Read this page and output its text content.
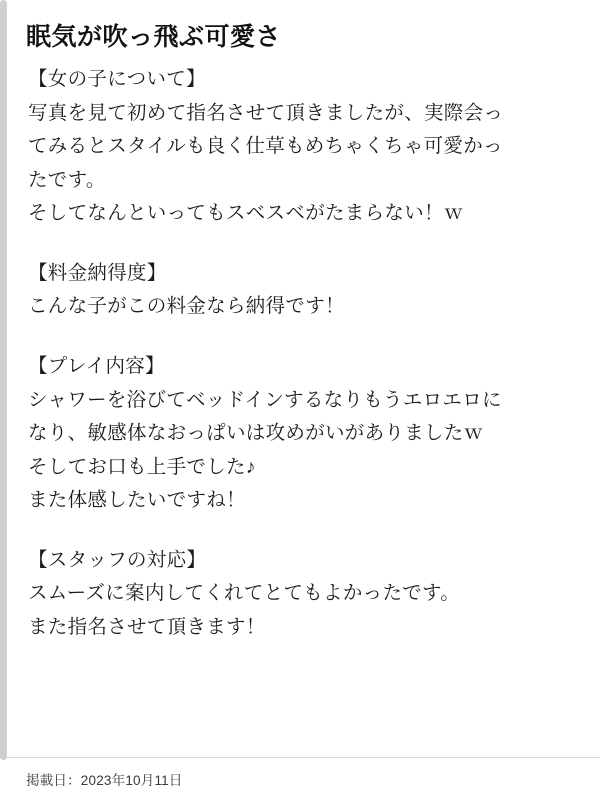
眠気が吹っ飛ぶ可愛さ

【女の子について】

写真を見て初めて指名させて頂きましたが、実際会っ

てみるとスタイルも良く仕草もめちゃくちゃ可愛かっ

たです。

そしてなんといってもスベスベがたまらない！ｗ

【料金納得度】

こんな子がこの料金なら納得です！

【プレイ内容】

シャワーを浴びてベッドインするなりもうエロエロに

なり、敏感体なおっぱいは攻めがいがありましたｗ

そしてお口も上手でした♪

また体感したいですね！

【スタッフの対応】

スムーズに案内してくれてとてもよかったです。

また指名させて頂きます！

掲載日：2023年10月11日
